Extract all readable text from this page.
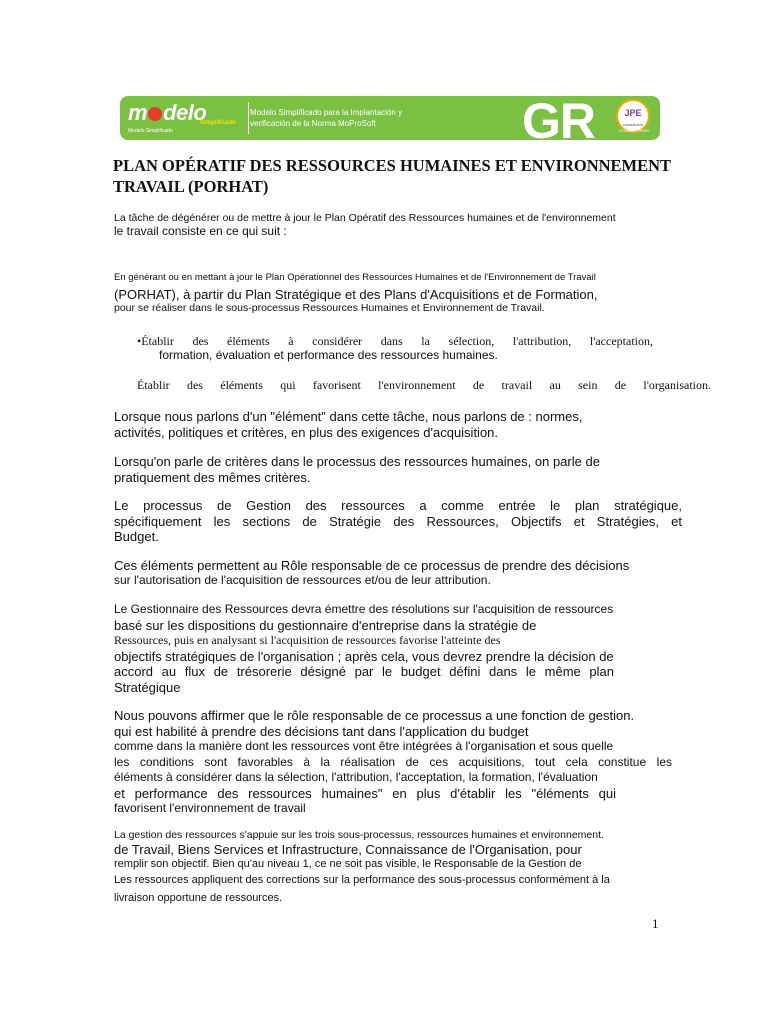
m delo
Simplificado
Modelo Simplificado
Modelo Simplificado para la Implantación y verificación de la Norma MoProSoft	GR	JPE
consultores
CONSULTORES
PLAN OPÉRATIF DES RESSOURCES HUMAINES ET ENVIRONNEMENT
TRAVAIL (PORHAT)

La tâche de dégénérer ou de mettre à jour le Plan Opératif des Ressources humaines et de l'environnement
le travail consiste en ce qui suit :

En générant ou en mettant à jour le Plan Opérationnel des Ressources Humaines et de l'Environnement de Travail

(PORHAT), à partir du Plan Stratégique et des Plans d'Acquisitions et de Formation,

pour se réaliser dans le sous-processus Ressources Humaines et Environnement de Travail.

•Établir des éléments à considérer dans la sélection, l'attribution, l'acceptation,

formation, évaluation et performance des ressources humaines.

Établir des éléments qui favorisent l'environnement de travail au sein de l'organisation.

Lorsque nous parlons d'un "élément" dans cette tâche, nous parlons de : normes,
activités, politiques et critères, en plus des exigences d'acquisition.

Lorsqu'on parle de critères dans le processus des ressources humaines, on parle de
pratiquement des mêmes critères.

Le processus de Gestion des ressources a comme entrée le plan stratégique,
spécifiquement les sections de Stratégie des Ressources, Objectifs et Stratégies, et
Budget.

Ces éléments permettent au Rôle responsable de ce processus de prendre des décisions
sur l'autorisation de l'acquisition de ressources et/ou de leur attribution.

Le Gestionnaire des Ressources devra émettre des résolutions sur l'acquisition de ressources
basé sur les dispositions du gestionnaire d'entreprise dans la stratégie de
Ressources, puis en analysant si l'acquisition de ressources favorise l'atteinte des
objectifs stratégiques de l'organisation ; après cela, vous devrez prendre la décision de
accord au flux de trésorerie désigné par le budget défini dans le même plan
Stratégique

Nous pouvons affirmer que le rôle responsable de ce processus a une fonction de gestion.
qui est habilité à prendre des décisions tant dans l'application du budget
comme dans la manière dont les ressources vont être intégrées à l'organisation et sous quelle
les conditions sont favorables à la réalisation de ces acquisitions, tout cela constitue les
éléments à considérer dans la sélection, l'attribution, l'acceptation, la formation, l'évaluation
et performance des ressources humaines" en plus d'établir les "éléments qui
favorisent l'environnement de travail

La gestion des ressources s'appuie sur les trois sous-processus, ressources humaines et environnement.
de Travail, Biens Services et Infrastructure, Connaissance de l'Organisation, pour
remplir son objectif. Bien qu'au niveau 1, ce ne soit pas visible, le Responsable de la Gestion de
Les ressources appliquent des corrections sur la performance des sous-processus conformément à la
livraison opportune de ressources.

1
